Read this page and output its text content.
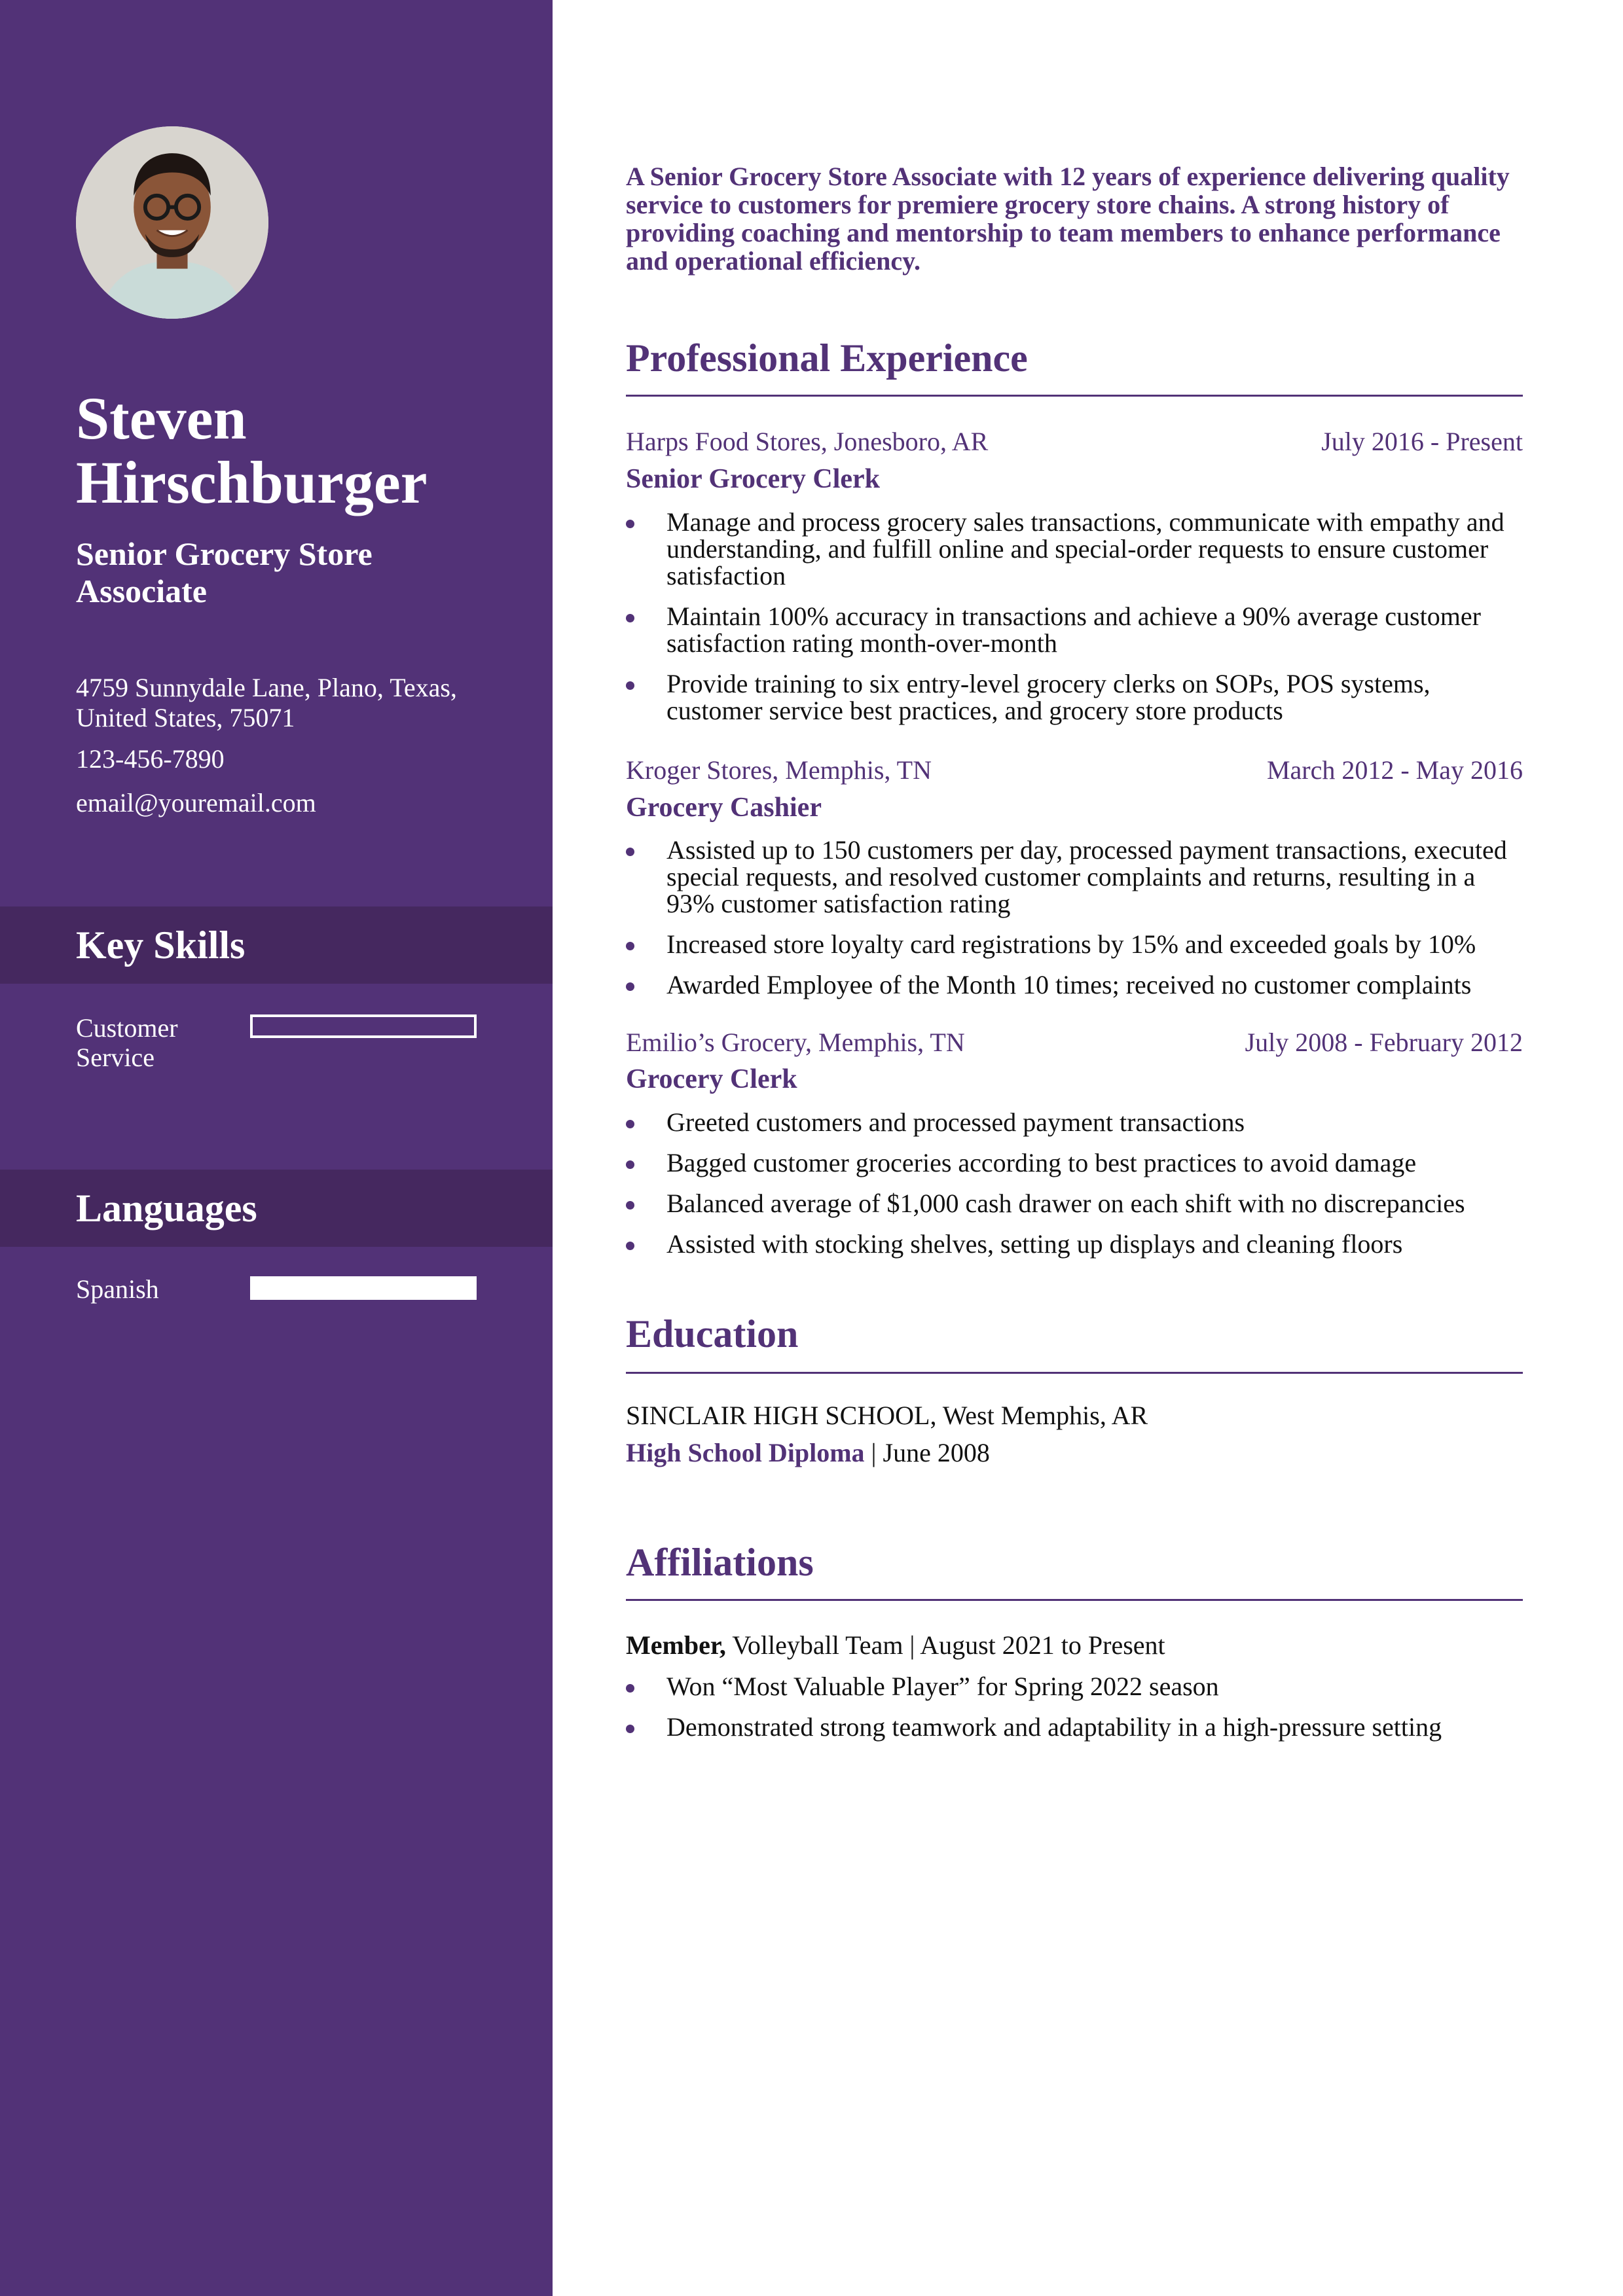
Steven
Hirschburger
Senior Grocery Store Associate
4759 Sunnydale Lane, Plano, Texas, United States, 75071
123-456-7890
email@youremail.com
Key Skills
Customer Service
Languages
Spanish
A Senior Grocery Store Associate with 12 years of experience delivering quality service to customers for premiere grocery store chains. A strong history of providing coaching and mentorship to team members to enhance performance and operational efficiency.
Professional Experience
Harps Food Stores, Jonesboro, AR	July 2016 - Present
Senior Grocery Clerk
Manage and process grocery sales transactions, communicate with empathy and understanding, and fulfill online and special-order requests to ensure customer satisfaction
Maintain 100% accuracy in transactions and achieve a 90% average customer satisfaction rating month-over-month
Provide training to six entry-level grocery clerks on SOPs, POS systems, customer service best practices, and grocery store products
Kroger Stores, Memphis, TN	March 2012 - May 2016
Grocery Cashier
Assisted up to 150 customers per day, processed payment transactions, executed special requests, and resolved customer complaints and returns, resulting in a 93% customer satisfaction rating
Increased store loyalty card registrations by 15% and exceeded goals by 10%
Awarded Employee of the Month 10 times; received no customer complaints
Emilio’s Grocery, Memphis, TN	July 2008 - February 2012
Grocery Clerk
Greeted customers and processed payment transactions
Bagged customer groceries according to best practices to avoid damage
Balanced average of $1,000 cash drawer on each shift with no discrepancies
Assisted with stocking shelves, setting up displays and cleaning floors
Education
SINCLAIR HIGH SCHOOL, West Memphis, AR
High School Diploma | June 2008
Affiliations
Member, Volleyball Team | August 2021 to Present
Won “Most Valuable Player” for Spring 2022 season
Demonstrated strong teamwork and adaptability in a high-pressure setting
